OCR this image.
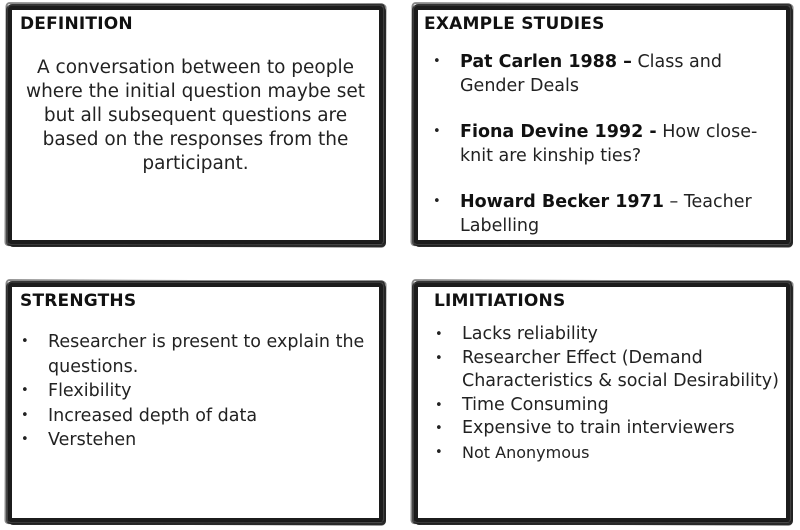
DEFINITION

A conversation between to people where the initial question maybe set but all subsequent questions are based on the responses from the participant.

EXAMPLE STUDIES
• Pat Carlen 1988 – Class and Gender Deals
• Fiona Devine 1992 - How close-knit are kinship ties?
• Howard Becker 1971 – Teacher Labelling
STRENGTHS
• Researcher is present to explain the questions.
• Flexibility
• Increased depth of data
• Verstehen
LIMITIATIONS
• Lacks reliability
• Researcher Effect (Demand Characteristics & social Desirability)
• Time Consuming
• Expensive to train interviewers
• Not Anonymous
